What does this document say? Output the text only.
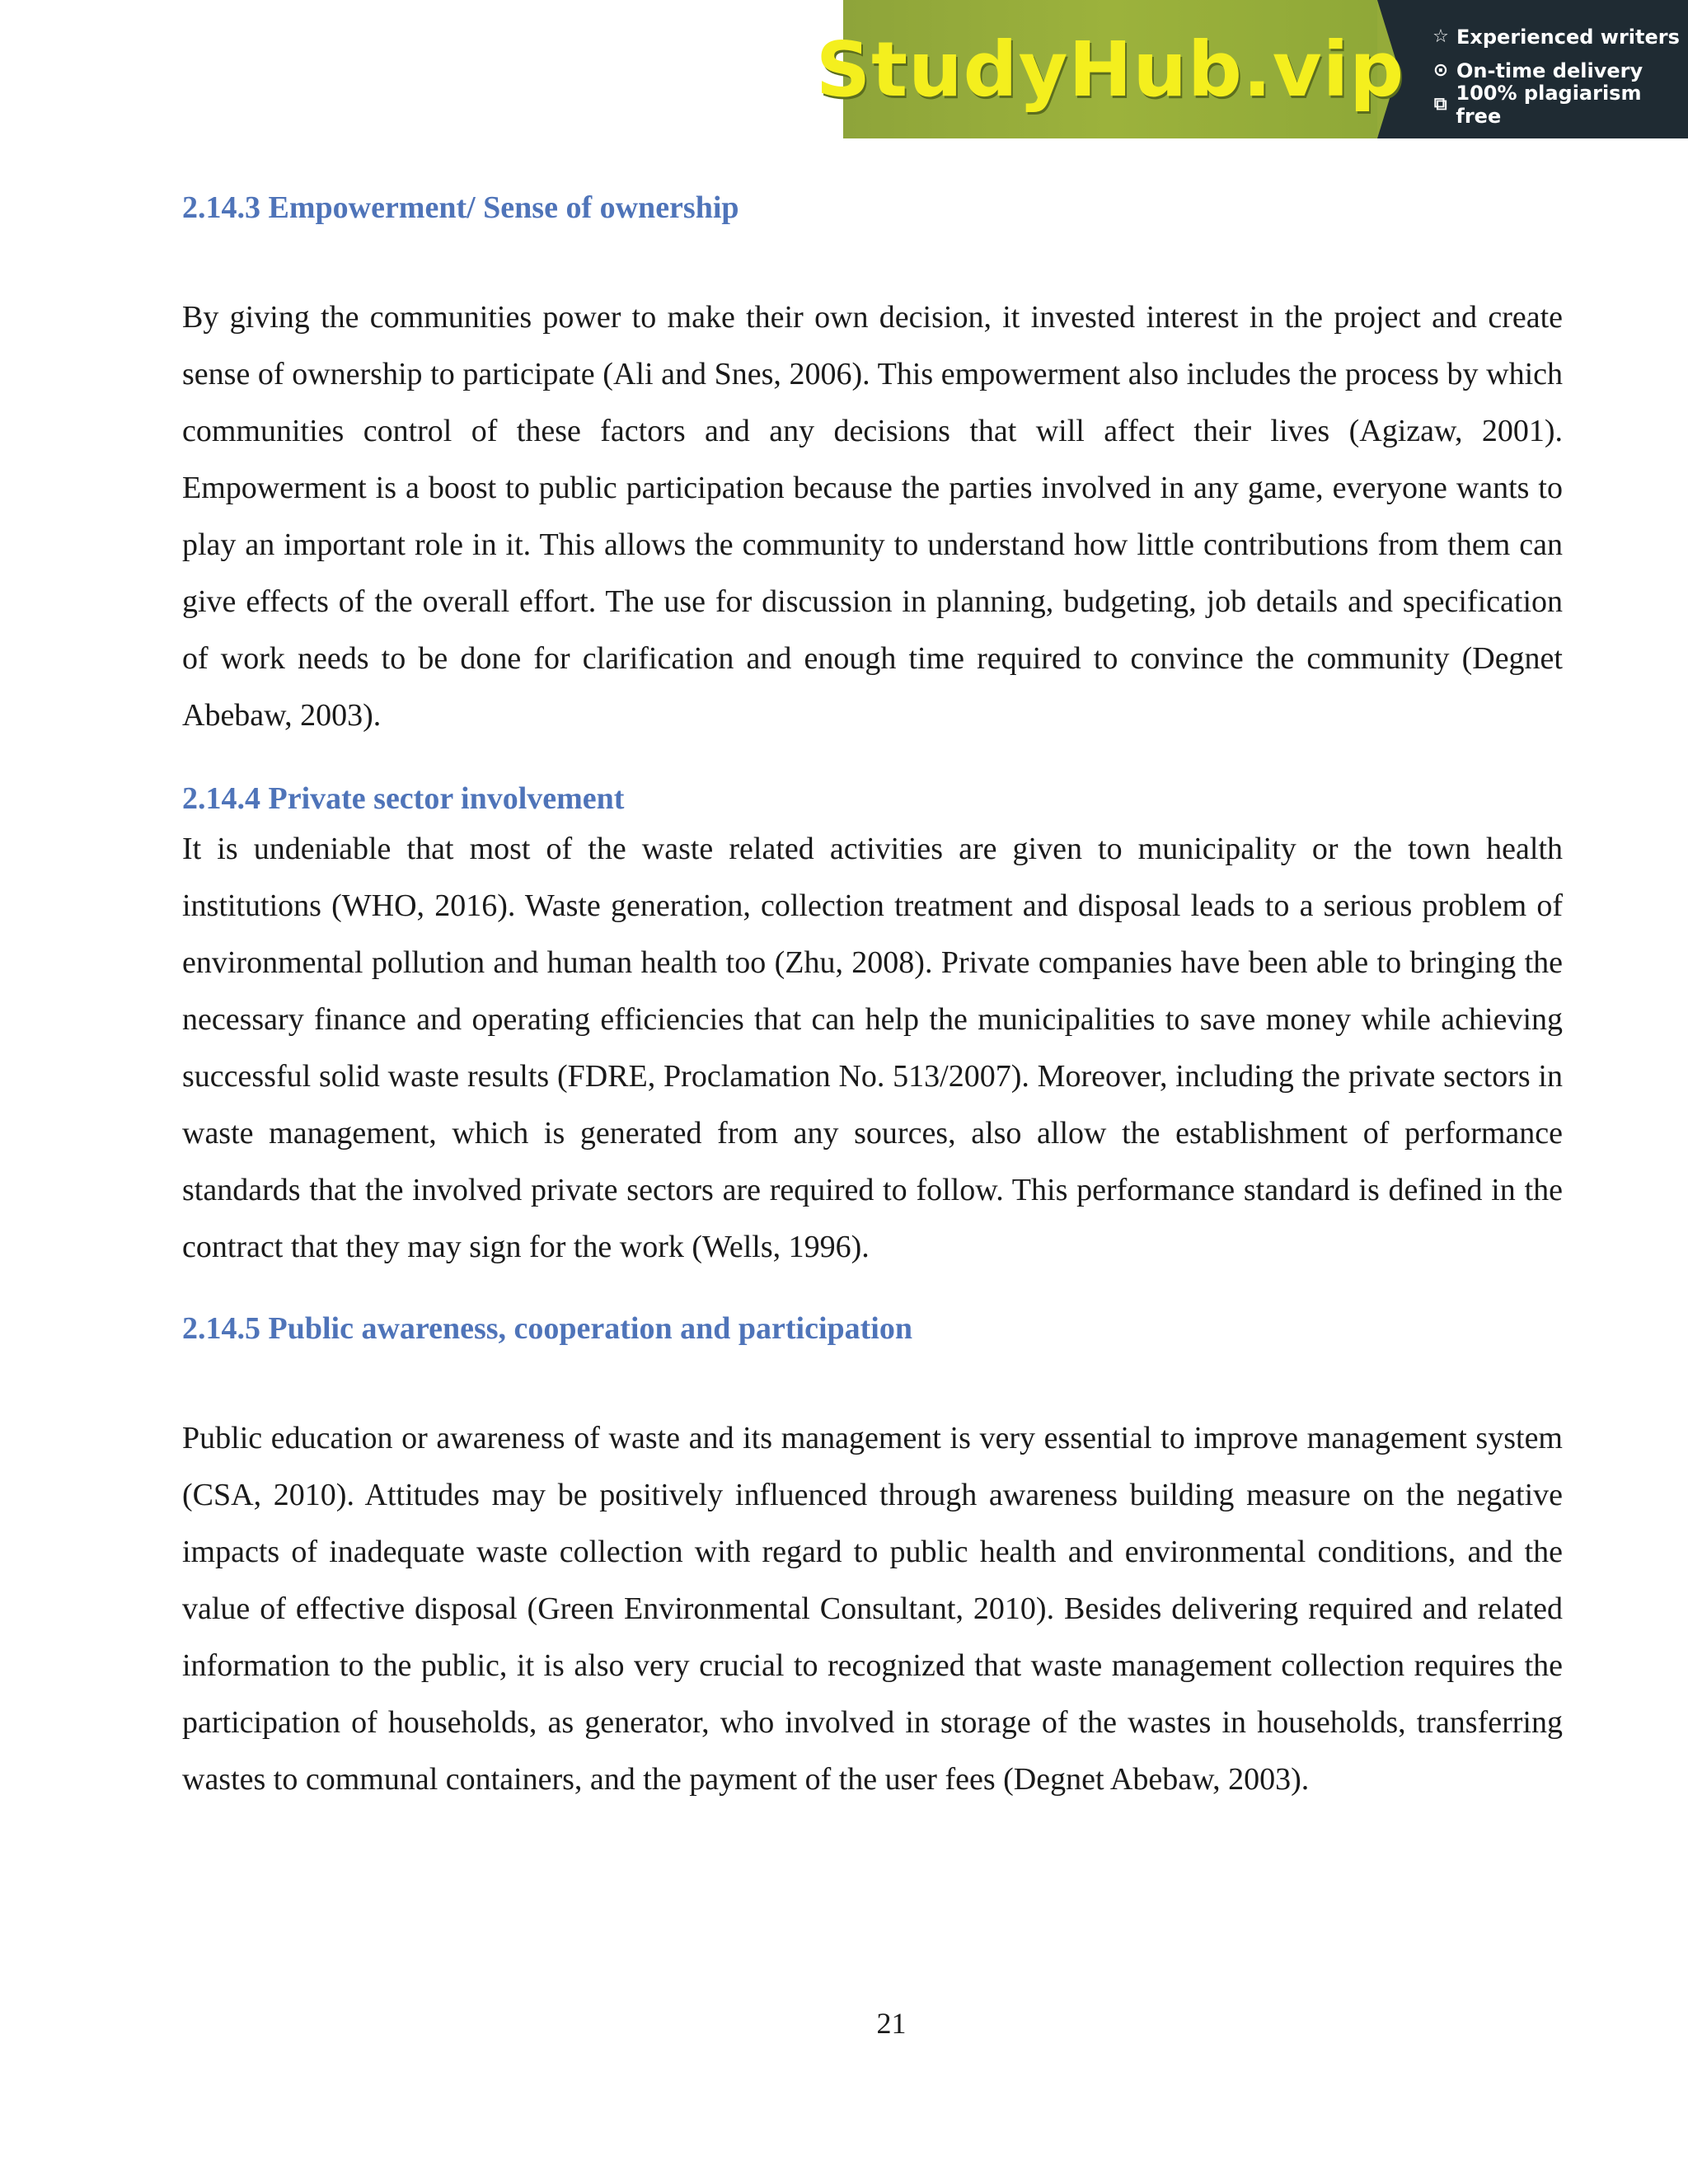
StudyHub.vip ☆ Experienced writers
⊙ On-time delivery
⧉ 100% plagiarism free
2.14.3 Empowerment/ Sense of ownership

By giving the communities power to make their own decision, it invested interest in the project and create sense of ownership to participate (Ali and Snes, 2006). This empowerment also includes the process by which communities control of these factors and any decisions that will affect their lives (Agizaw, 2001). Empowerment is a boost to public participation because the parties involved in any game, everyone wants to play an important role in it. This allows the community to understand how little contributions from them can give effects of the overall effort. The use for discussion in planning, budgeting, job details and specification of work needs to be done for clarification and enough time required to convince the community (Degnet Abebaw, 2003).

2.14.4 Private sector involvement

It is undeniable that most of the waste related activities are given to municipality or the town health institutions (WHO, 2016). Waste generation, collection treatment and disposal leads to a serious problem of environmental pollution and human health too (Zhu, 2008). Private companies have been able to bringing the necessary finance and operating efficiencies that can help the municipalities to save money while achieving successful solid waste results (FDRE, Proclamation No. 513/2007). Moreover, including the private sectors in waste management, which is generated from any sources, also allow the establishment of performance standards that the involved private sectors are required to follow. This performance standard is defined in the contract that they may sign for the work (Wells, 1996).

2.14.5 Public awareness, cooperation and participation

Public education or awareness of waste and its management is very essential to improve management system (CSA, 2010). Attitudes may be positively influenced through awareness building measure on the negative impacts of inadequate waste collection with regard to public health and environmental conditions, and the value of effective disposal (Green Environmental Consultant, 2010). Besides delivering required and related information to the public, it is also very crucial to recognized that waste management collection requires the participation of households, as generator, who involved in storage of the wastes in households, transferring wastes to communal containers, and the payment of the user fees (Degnet Abebaw, 2003).

21
